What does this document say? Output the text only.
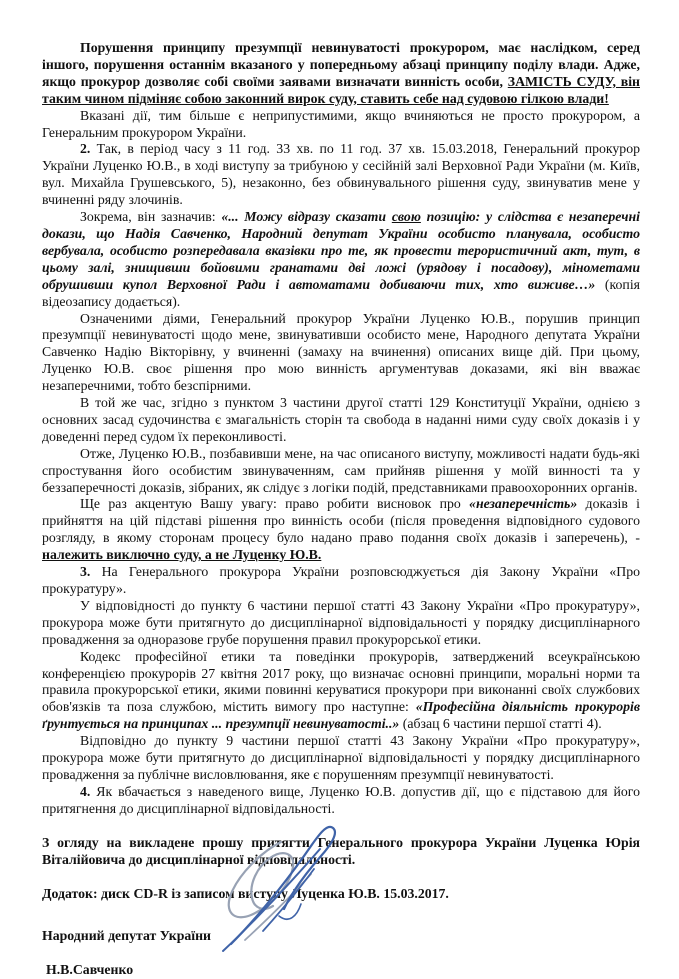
Порушення принципу презумпції невинуватості прокурором, має наслідком, серед іншого, порушення останнім вказаного у попередньому абзаці принципу поділу влади. Адже, якщо прокурор дозволяє собі своїми заявами визначати винність особи, ЗАМІСТЬ СУДУ, він таким чином підміняє собою законний вирок суду, ставить себе над судовою гілкою влади!

Вказані дії, тим більше є неприпустимими, якщо вчиняються не просто прокурором, а Генеральним прокурором України.

2. Так, в період часу з 11 год. 33 хв. по 11 год. 37 хв. 15.03.2018, Генеральний прокурор України Луценко Ю.В., в ході виступу за трибуною у сесійній залі Верховної Ради України (м. Київ, вул. Михайла Грушевського, 5), незаконно, без обвинувального рішення суду, звинуватив мене у вчиненні ряду злочинів.

Зокрема, він зазначив: «... Можу відразу сказати свою позицію: у слідства є незаперечні докази, що Надія Савченко, Народний депутат України особисто планувала, особисто вербувала, особисто розпередавала вказівки про те, як провести терористичний акт, тут, в цьому залі, знищивши бойовими гранатами дві ложі (урядову і посадову), мінометами обрушивши купол Верховної Ради і автоматами добиваючи тих, хто виживе…» (копія відеозапису додається).

Означеними діями, Генеральний прокурор України Луценко Ю.В., порушив принцип презумпції невинуватості щодо мене, звинувативши особисто мене, Народного депутата України Савченко Надію Вікторівну, у вчиненні (замаху на вчинення) описаних вище дій. При цьому, Луценко Ю.В. своє рішення про мою винність аргументував доказами, які він вважає незаперечними, тобто безспірними.

В той же час, згідно з пунктом 3 частини другої статті 129 Конституції України, однією з основних засад судочинства є змагальність сторін та свобода в наданні ними суду своїх доказів і у доведенні перед судом їх переконливості.

Отже, Луценко Ю.В., позбавивши мене, на час описаного виступу, можливості надати будь-які спростування його особистим звинуваченням, сам прийняв рішення у моїй винності та у беззаперечності доказів, зібраних, як слідує з логіки подій, представниками правоохоронних органів.

Ще раз акцентую Вашу увагу: право робити висновок про «незаперечність» доказів і прийняття на цій підставі рішення про винність особи (після проведення відповідного судового розгляду, в якому сторонам процесу було надано право подання своїх доказів і заперечень), - належить виключно суду, а не Луценку Ю.В.

3. На Генерального прокурора України розповсюджується дія Закону України «Про прокуратуру».

У відповідності до пункту 6 частини першої статті 43 Закону України «Про прокуратуру», прокурора може бути притягнуто до дисциплінарної відповідальності у порядку дисциплінарного провадження за одноразове грубе порушення правил прокурорської етики.

Кодекс професійної етики та поведінки прокурорів, затверджений всеукраїнською конференцією прокурорів 27 квітня 2017 року, що визначає основні принципи, моральні норми та правила прокурорської етики, якими повинні керуватися прокурори при виконанні своїх службових обов'язків та поза службою, містить вимогу про наступне: «Професійна діяльність прокурорів ґрунтується на принципах ... презумпції невинуватості..» (абзац 6 частини першої статті 4).

Відповідно до пункту 9 частини першої статті 43 Закону України «Про прокуратуру», прокурора може бути притягнуто до дисциплінарної відповідальності у порядку дисциплінарного провадження за публічне висловлювання, яке є порушенням презумпції невинуватості.

4. Як вбачається з наведеного вище, Луценко Ю.В. допустив дії, що є підставою для його притягнення до дисциплінарної відповідальності.

З огляду на викладене прошу притягти Генерального прокурора України Луценка Юрія Віталійовича до дисциплінарної відповідальності.

Додаток: диск CD-R із записом виступу Луценка Ю.В. 15.03.2017.

Народний депутат України

Н.В.Савченко
